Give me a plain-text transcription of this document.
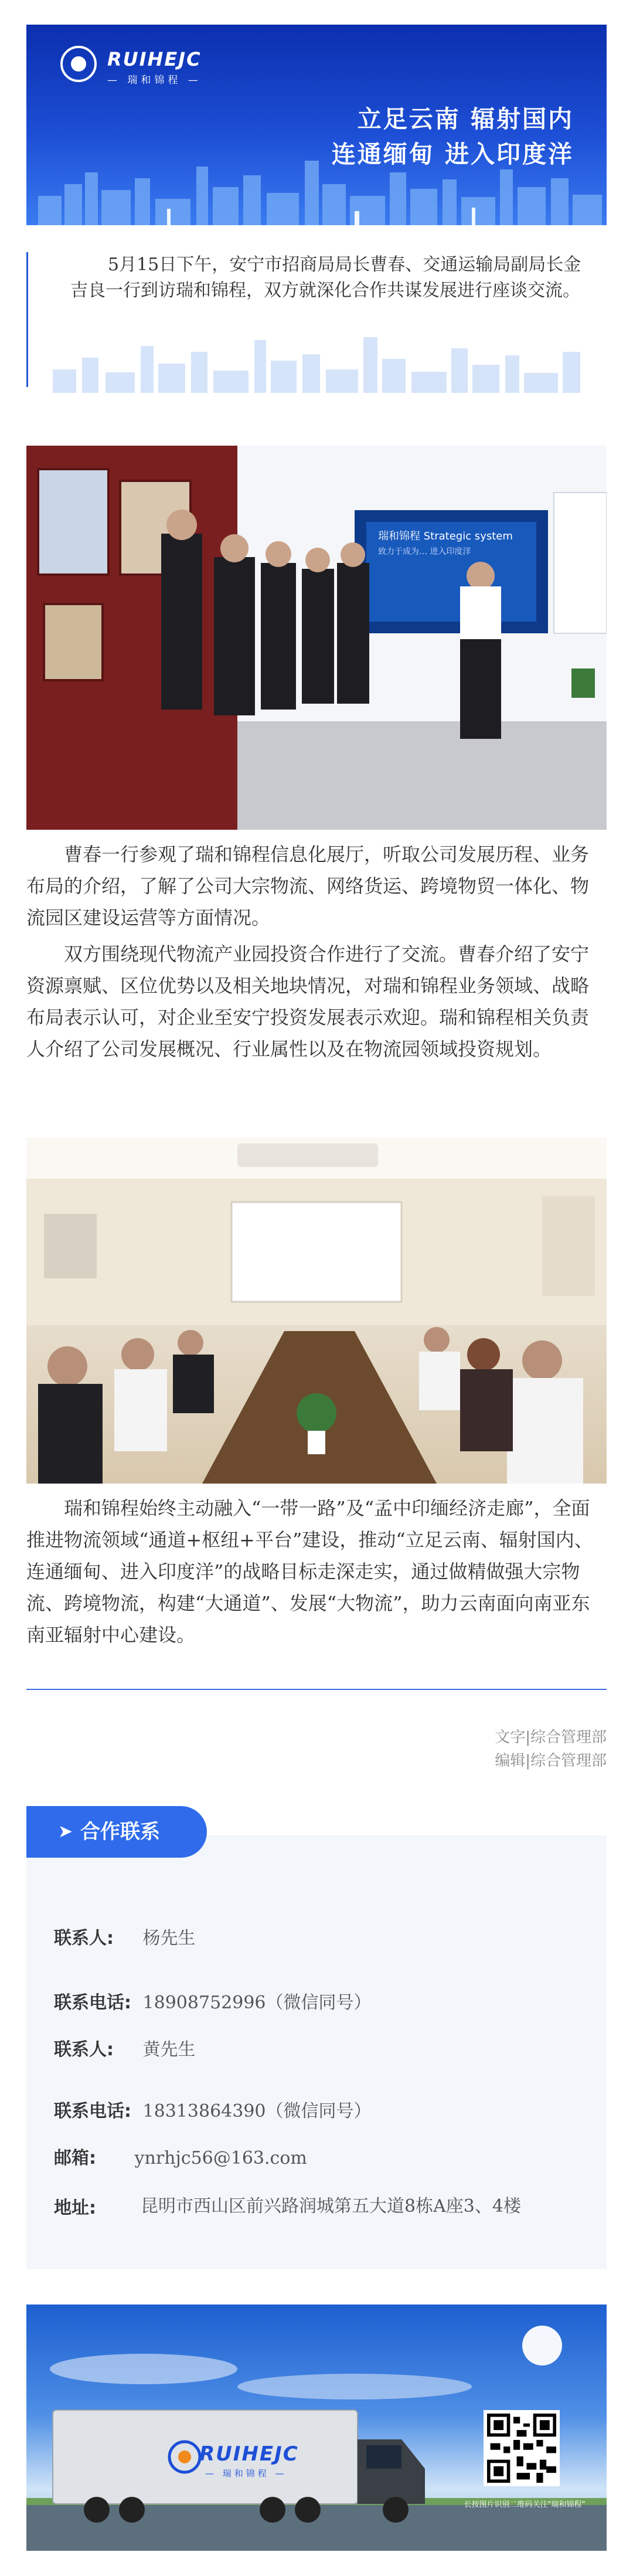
RUIHEJC
— 瑞和锦程 —
立足云南 辐射国内
连通缅甸 进入印度洋
5月15日下午，安宁市招商局局长曹春、交通运输局副局长金吉良一行到访瑞和锦程，双方就深化合作共谋发展进行座谈交流。
瑞和锦程 Strategic system
致力于成为… 进入印度洋
曹春一行参观了瑞和锦程信息化展厅，听取公司发展历程、业务布局的介绍，了解了公司大宗物流、网络货运、跨境物贸一体化、物流园区建设运营等方面情况。
双方围绕现代物流产业园投资合作进行了交流。曹春介绍了安宁资源禀赋、区位优势以及相关地块情况，对瑞和锦程业务领域、战略布局表示认可，对企业至安宁投资发展表示欢迎。瑞和锦程相关负责人介绍了公司发展概况、行业属性以及在物流园领域投资规划。
瑞和锦程始终主动融入“一带一路”及“孟中印缅经济走廊”，全面推进物流领域“通道+枢纽+平台”建设，推动“立足云南、辐射国内、连通缅甸、进入印度洋”的战略目标走深走实，通过做精做强大宗物流、跨境物流，构建“大通道”、发展“大物流”，助力云南面向南亚东南亚辐射中心建设。
文字|综合管理部
编辑|综合管理部
➤ 合作联系
联系人: 杨先生
联系电话: 18908752996（微信同号）
联系人: 黄先生
联系电话: 18313864390（微信同号）
邮箱: ynrhjc56@163.com
地址:	昆明市西山区前兴路润城第五大道8栋A座3、4楼
RUIHEJC
— 瑞和锦程 —
长按图片识别二维码关注"瑞和锦程"
